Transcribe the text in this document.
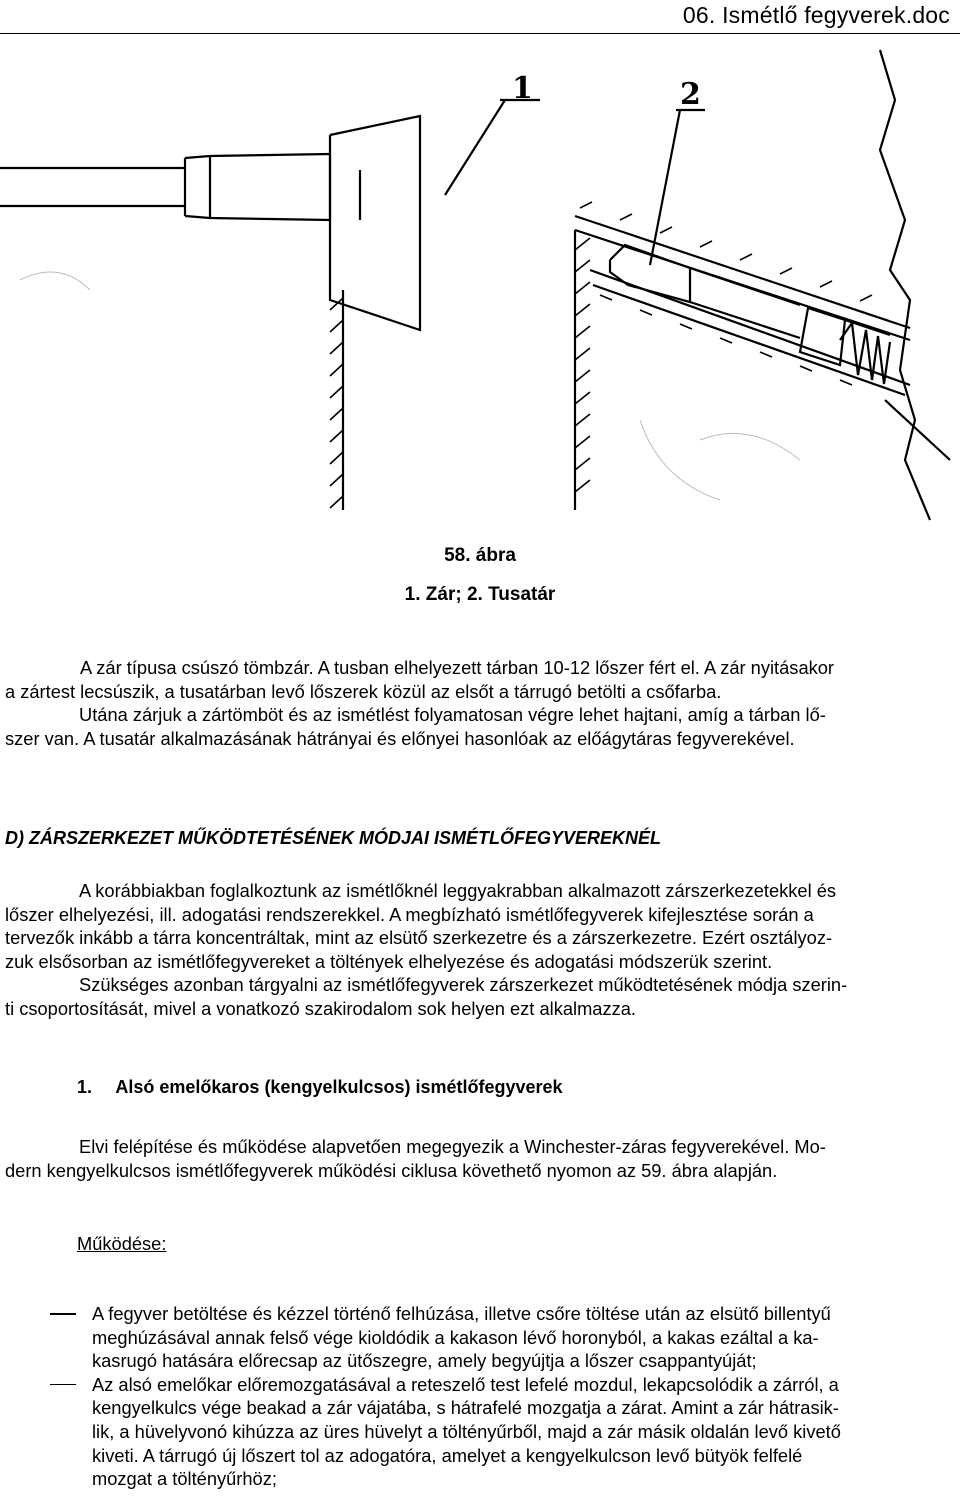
06. Ismétlő fegyverek.doc
1	2
58. ábra
1. Zár; 2. Tusatár
A zár típusa csúszó tömbzár. A tusban elhelyezett tárban 10-12 lőszer fért el. A zár nyitásakor
a zártest lecsúszik, a tusatárban levő lőszerek közül az elsőt a tárrugó betölti a csőfarba.
Utána zárjuk a zártömböt és az ismétlést folyamatosan végre lehet hajtani, amíg a tárban lő-
szer van. A tusatár alkalmazásának hátrányai és előnyei hasonlóak az előágytáras fegyverekével.
D) ZÁRSZERKEZET MŰKÖDTETÉSÉNEK MÓDJAI ISMÉTLŐFEGYVEREKNÉL
A korábbiakban foglalkoztunk az ismétlőknél leggyakrabban alkalmazott zárszerkezetekkel és
lőszer elhelyezési, ill. adogatási rendszerekkel. A megbízható ismétlőfegyverek kifejlesztése során a
tervezők inkább a tárra koncentráltak, mint az elsütő szerkezetre és a zárszerkezetre. Ezért osztályoz-
zuk elsősorban az ismétlőfegyvereket a töltények elhelyezése és adogatási módszerük szerint.
Szükséges azonban tárgyalni az ismétlőfegyverek zárszerkezet működtetésének módja szerin-
ti csoportosítását, mivel a vonatkozó szakirodalom sok helyen ezt alkalmazza.
1. Alsó emelőkaros (kengyelkulcsos) ismétlőfegyverek
Elvi felépítése és működése alapvetően megegyezik a Winchester-záras fegyverekével. Mo-
dern kengyelkulcsos ismétlőfegyverek működési ciklusa követhető nyomon az 59. ábra alapján.
Működése:
A fegyver betöltése és kézzel történő felhúzása, illetve csőre töltése után az elsütő billentyű
meghúzásával annak felső vége kioldódik a kakason lévő horonyból, a kakas ezáltal a ka-
kasrugó hatására előrecsap az ütőszegre, amely begyújtja a lőszer csappantyúját;
Az alsó emelőkar előremozgatásával a reteszelő test lefelé mozdul, lekapcsolódik a zárról, a
kengyelkulcs vége beakad a zár vájatába, s hátrafelé mozgatja a zárat. Amint a zár hátrasik-
lik, a hüvelyvonó kihúzza az üres hüvelyt a töltényűrből, majd a zár másik oldalán levő kivető
kiveti. A tárrugó új lőszert tol az adogatóra, amelyet a kengyelkulcson levő bütyök felfelé
mozgat a töltényűrhöz;
